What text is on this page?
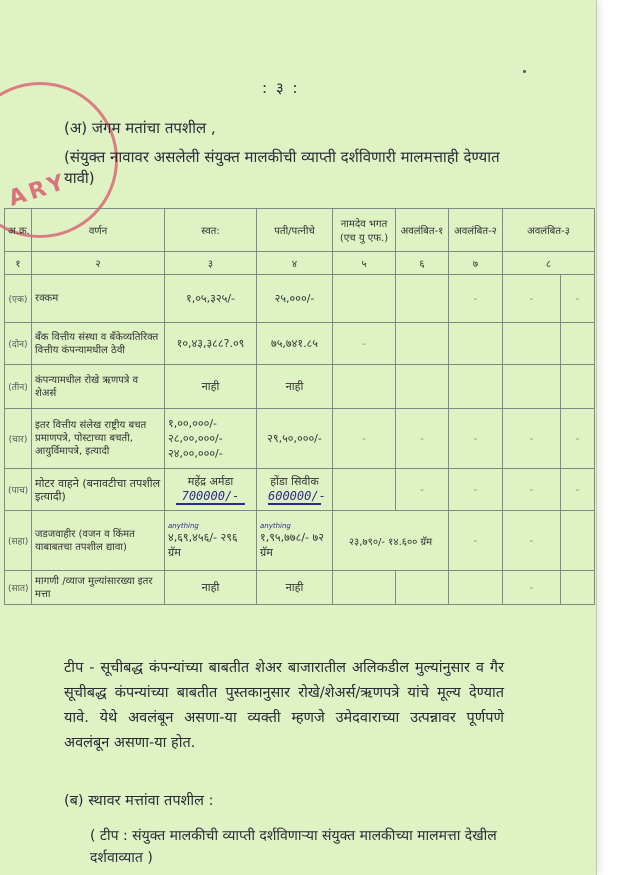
: ३ :
ARY
(अ) जंगम मतांचा तपशील ,
(संयुक्त नावावर असलेली संयुक्त मालकीची व्याप्ती दर्शविणारी मालमत्ताही देण्यात यावी)
अ.क्र.	वर्णन	स्वत:	पती/पत्नीचे	नामदेव भगत (एच यु एफ.)	अवलंबित-१	अवलंबित-२	अवलंबित-३	
१	२	३	४	५	६	७	८	
(एक)	रक्कम	१,०५,३२५/-	२५,०००/-			-	-	-
(दोन)	बँक वित्तीय संस्था व बँकेव्यतिरिक्त वित्तीय कंपन्यामधील ठेवी	१०,४३,३८८?.०९	७५,७४१.८५	-				
(तीन)	कंपन्यामधील रोखे ऋणपत्रे व शेअर्स	नाही	नाही					
(चार)	इतर वित्तीय संलेख राष्ट्रीय बचत प्रमाणपत्रे, पोस्टाच्या बचती, आयुर्विमापत्रे, इत्यादी	१,००,०००/- २८,००,०००/- २४,००,०००/-	२९,५०,०००/-	-	-	-	-	-
(पाच)	मोटर वाहने (बनावटीचा तपशील इत्यादी)	महेंद्र अर्मडा
700000/-	होंडा सिवीक
600000/-		-	-	-	-
(सहा)	जडजवाहीर (वजन व किंमत याबाबतचा तपशील द्यावा)	anything
४,६९,४५६/- २९६ ग्रॅम	anything
१,९५,७७८/- ७२ ग्रॅम	२३,७९०/- १४.६०० ग्रॅम		-	-	
(सात)	मागणी /व्याज मुल्यांसारख्या इतर मत्ता	नाही	नाही				-	
टीप - सूचीबद्ध कंपन्यांच्या बाबतीत शेअर बाजारातील अलिकडील मुल्यांनुसार व गैर सूचीबद्ध कंपन्यांच्या बाबतीत पुस्तकानुसार रोखे/शेअर्स/ऋणपत्रे यांचे मूल्य देण्यात यावे. येथे अवलंबून असणा-या व्यक्ती म्हणजे उमेदवाराच्या उत्पन्नावर पूर्णपणे अवलंबून असणा-या होत.
(ब) स्थावर मत्तांवा तपशील :
( टीप : संयुक्त मालकीची व्याप्ती दर्शविणाऱ्या संयुक्त मालकीच्या मालमत्ता देखील दर्शवाव्यात )
